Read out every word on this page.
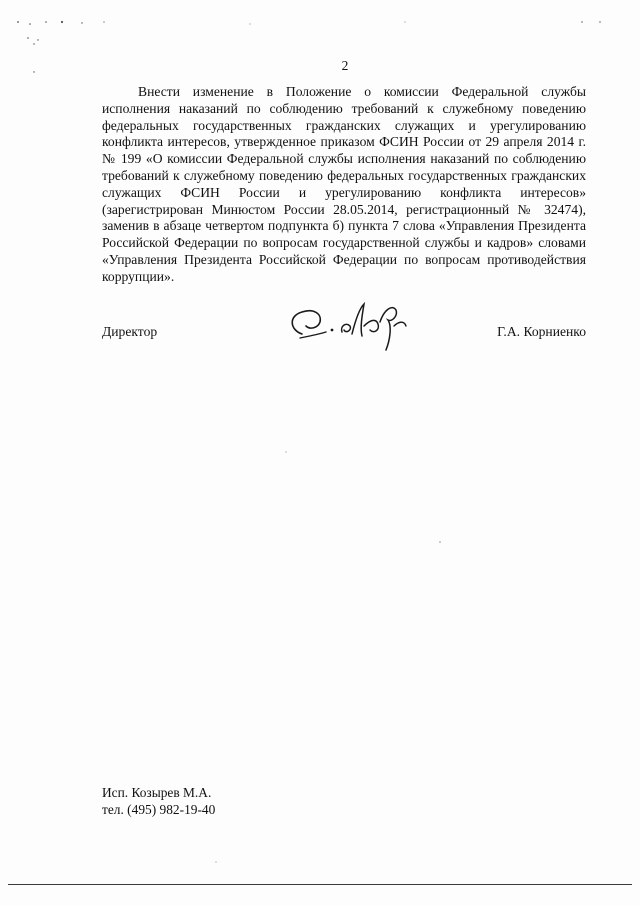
2

Внести изменение в Положение о комиссии Федеральной службы исполнения наказаний по соблюдению требований к служебному поведению федеральных государственных гражданских служащих и урегулированию конфликта интересов, утвержденное приказом ФСИН России от 29 апреля 2014 г. № 199 «О комиссии Федеральной службы исполнения наказаний по соблюдению требований к служебному поведению федеральных государственных гражданских служащих ФСИН России и урегулированию конфликта интересов» (зарегистрирован Минюстом России 28.05.2014, регистрационный № 32474), заменив в абзаце четвертом подпункта б) пункта 7 слова «Управления Президента Российской Федерации по вопросам государственной службы и кадров» словами «Управления Президента Российской Федерации по вопросам противодействия коррупции».

Директор	Г.А. Корниенко
Исп. Козырев М.А.
тел. (495) 982-19-40
